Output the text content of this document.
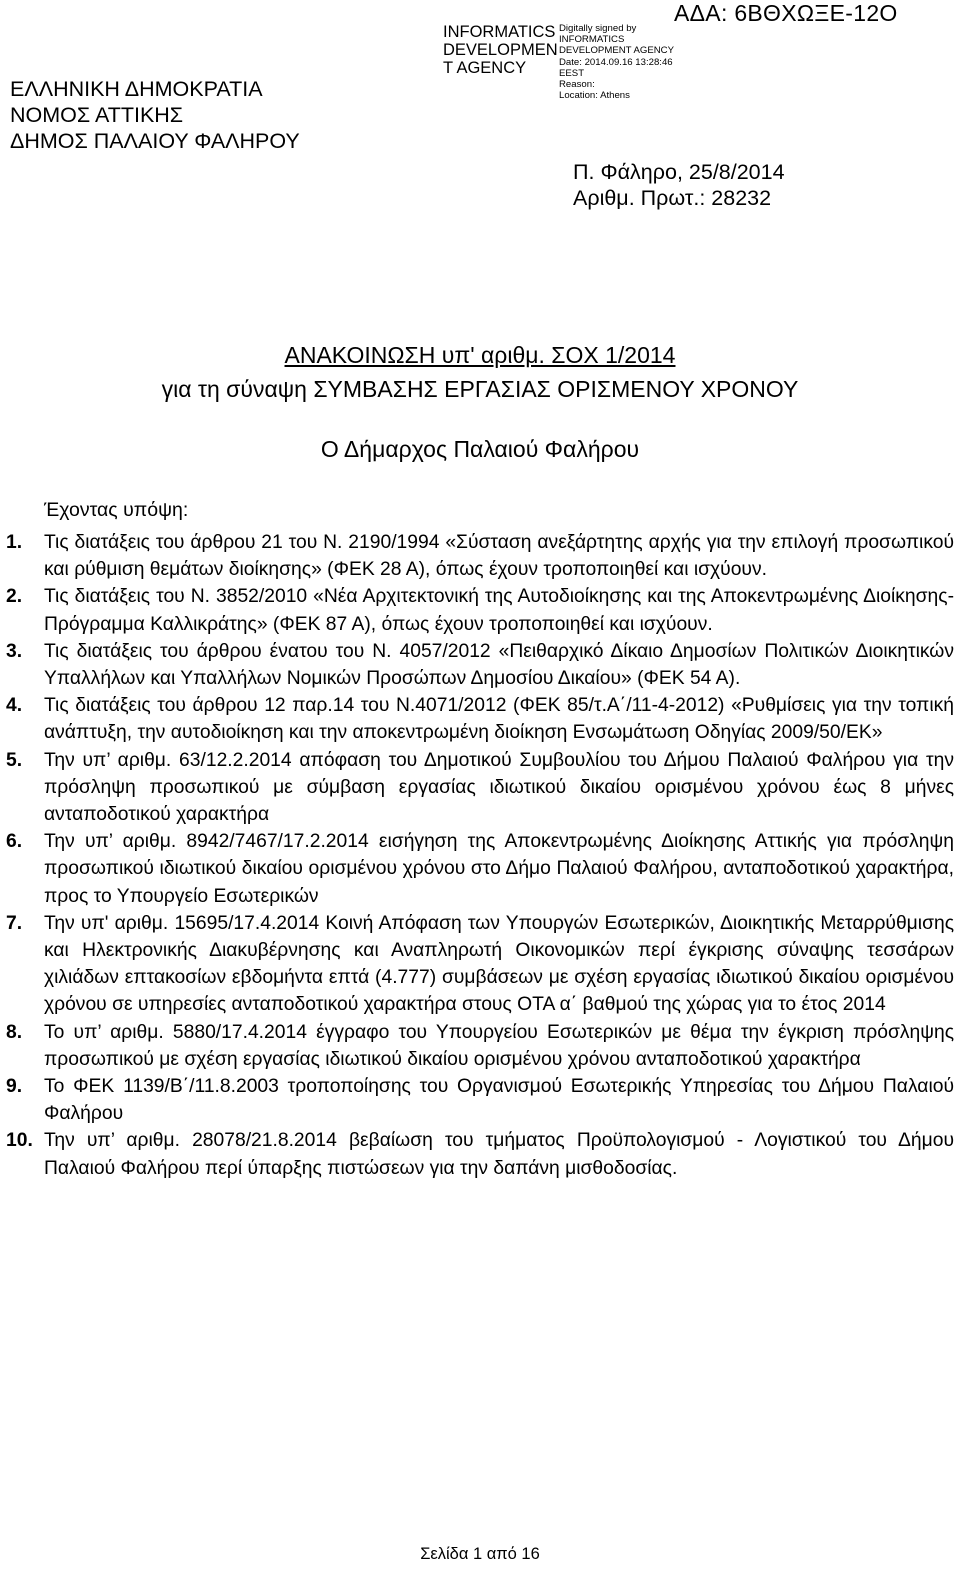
ΑΔΑ: 6ΒΘΧΩΞΕ-12Ο
INFORMATICS
DEVELOPMEN
T AGENCY
Digitally signed by
INFORMATICS
DEVELOPMENT AGENCY
Date: 2014.09.16 13:28:46
EEST
Reason:
Location: Athens
ΕΛΛΗΝΙΚΗ ΔΗΜΟΚΡΑΤΙΑ
ΝΟΜΟΣ ΑΤΤΙΚΗΣ
ΔΗΜΟΣ ΠΑΛΑΙΟΥ ΦΑΛΗΡΟΥ
Π. Φάληρο, 25/8/2014
Αριθμ. Πρωτ.: 28232
ΑΝΑΚΟΙΝΩΣΗ υπ' αριθμ. ΣΟΧ 1/2014
για τη σύναψη ΣΥΜΒΑΣΗΣ ΕΡΓΑΣΙΑΣ ΟΡΙΣΜΕΝΟΥ ΧΡΟΝΟΥ
Ο Δήμαρχος Παλαιού Φαλήρου
Έχοντας υπόψη:
1. Τις διατάξεις του άρθρου 21 του Ν. 2190/1994 «Σύσταση ανεξάρτητης αρχής για την επιλογή προσωπικού και ρύθμιση θεμάτων διοίκησης» (ΦΕΚ 28 Α), όπως έχουν τροποποιηθεί και ισχύουν.
2. Τις διατάξεις του Ν. 3852/2010 «Νέα Αρχιτεκτονική της Αυτοδιοίκησης και της Αποκεντρωμένης Διοίκησης- Πρόγραμμα Καλλικράτης» (ΦΕΚ 87 Α), όπως έχουν τροποποιηθεί και ισχύουν.
3. Τις διατάξεις του άρθρου ένατου του Ν. 4057/2012 «Πειθαρχικό Δίκαιο Δημοσίων Πολιτικών Διοικητικών Υπαλλήλων και Υπαλλήλων Νομικών Προσώπων Δημοσίου Δικαίου» (ΦΕΚ 54 Α).
4. Τις διατάξεις του άρθρου 12 παρ.14 του Ν.4071/2012 (ΦΕΚ 85/τ.Α΄/11-4-2012) «Ρυθμίσεις για την τοπική ανάπτυξη, την αυτοδιοίκηση και την αποκεντρωμένη διοίκηση Ενσωμάτωση Οδηγίας 2009/50/ΕΚ»
5. Την υπ’ αριθμ. 63/12.2.2014 απόφαση του Δημοτικού Συμβουλίου του Δήμου Παλαιού Φαλήρου για την πρόσληψη προσωπικού με σύμβαση εργασίας ιδιωτικού δικαίου ορισμένου χρόνου έως 8 μήνες ανταποδοτικού χαρακτήρα
6. Την υπ’ αριθμ. 8942/7467/17.2.2014 εισήγηση της Αποκεντρωμένης Διοίκησης Αττικής για πρόσληψη προσωπικού ιδιωτικού δικαίου ορισμένου χρόνου στο Δήμο Παλαιού Φαλήρου, ανταποδοτικού χαρακτήρα, προς το Υπουργείο Εσωτερικών
7. Την υπ' αριθμ. 15695/17.4.2014 Κοινή Απόφαση των Υπουργών Εσωτερικών, Διοικητικής Μεταρρύθμισης και Ηλεκτρονικής Διακυβέρνησης και Αναπληρωτή Οικονομικών περί έγκρισης σύναψης τεσσάρων χιλιάδων επτακοσίων εβδομήντα επτά (4.777) συμβάσεων με σχέση εργασίας ιδιωτικού δικαίου ορισμένου χρόνου σε υπηρεσίες ανταποδοτικού χαρακτήρα στους ΟΤΑ α΄ βαθμού της χώρας για το έτος 2014
8. Το υπ’ αριθμ. 5880/17.4.2014 έγγραφο του Υπουργείου Εσωτερικών με θέμα την έγκριση πρόσληψης προσωπικού με σχέση εργασίας ιδιωτικού δικαίου ορισμένου χρόνου ανταποδοτικού χαρακτήρα
9. Το ΦΕΚ 1139/Β΄/11.8.2003 τροποποίησης του Οργανισμού Εσωτερικής Υπηρεσίας του Δήμου Παλαιού Φαλήρου
10. Την υπ’ αριθμ. 28078/21.8.2014 βεβαίωση του τμήματος Προϋπολογισμού - Λογιστικού του Δήμου Παλαιού Φαλήρου περί ύπαρξης πιστώσεων για την δαπάνη μισθοδοσίας.
Σελίδα 1 από 16
